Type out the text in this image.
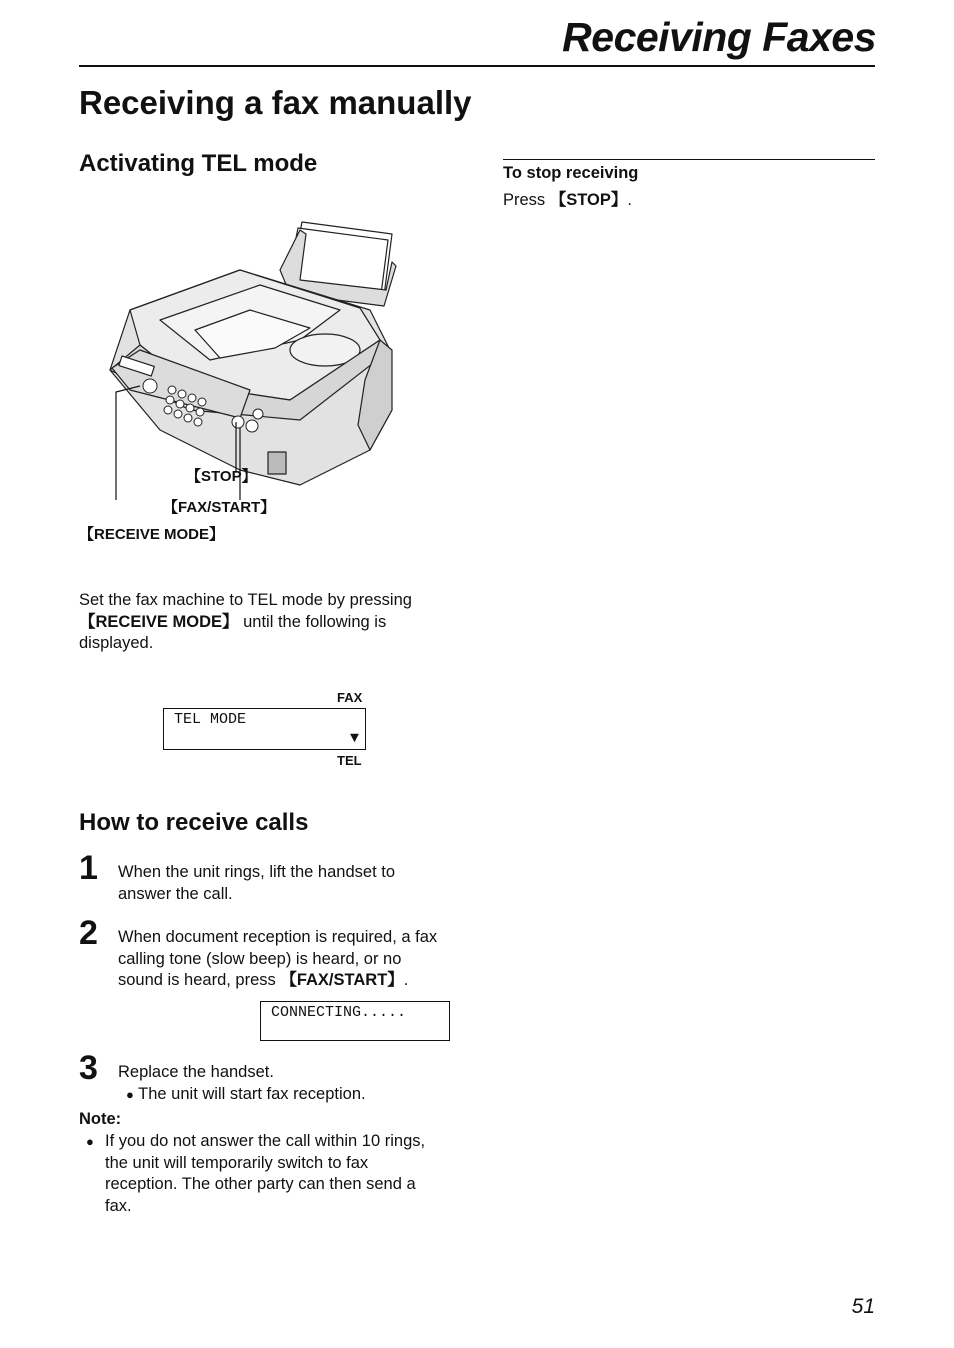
Receiving Faxes
Receiving a fax manually
Activating TEL mode
【STOP】
【FAX/START】
【RECEIVE MODE】
Set the fax machine to TEL mode by pressing
【RECEIVE MODE】 until the following is
displayed.
FAX
TEL MODE
▼
TEL
How to receive calls
1 When the unit rings, lift the handset to
answer the call.
2 When document reception is required, a fax
calling tone (slow beep) is heard, or no
sound is heard, press 【FAX/START】.
CONNECTING.....
3 Replace the handset.
● The unit will start fax reception.
Note:
● If you do not answer the call within 10 rings,
the unit will temporarily switch to fax
reception. The other party can then send a
fax.
To stop receiving
Press 【STOP】.
51
